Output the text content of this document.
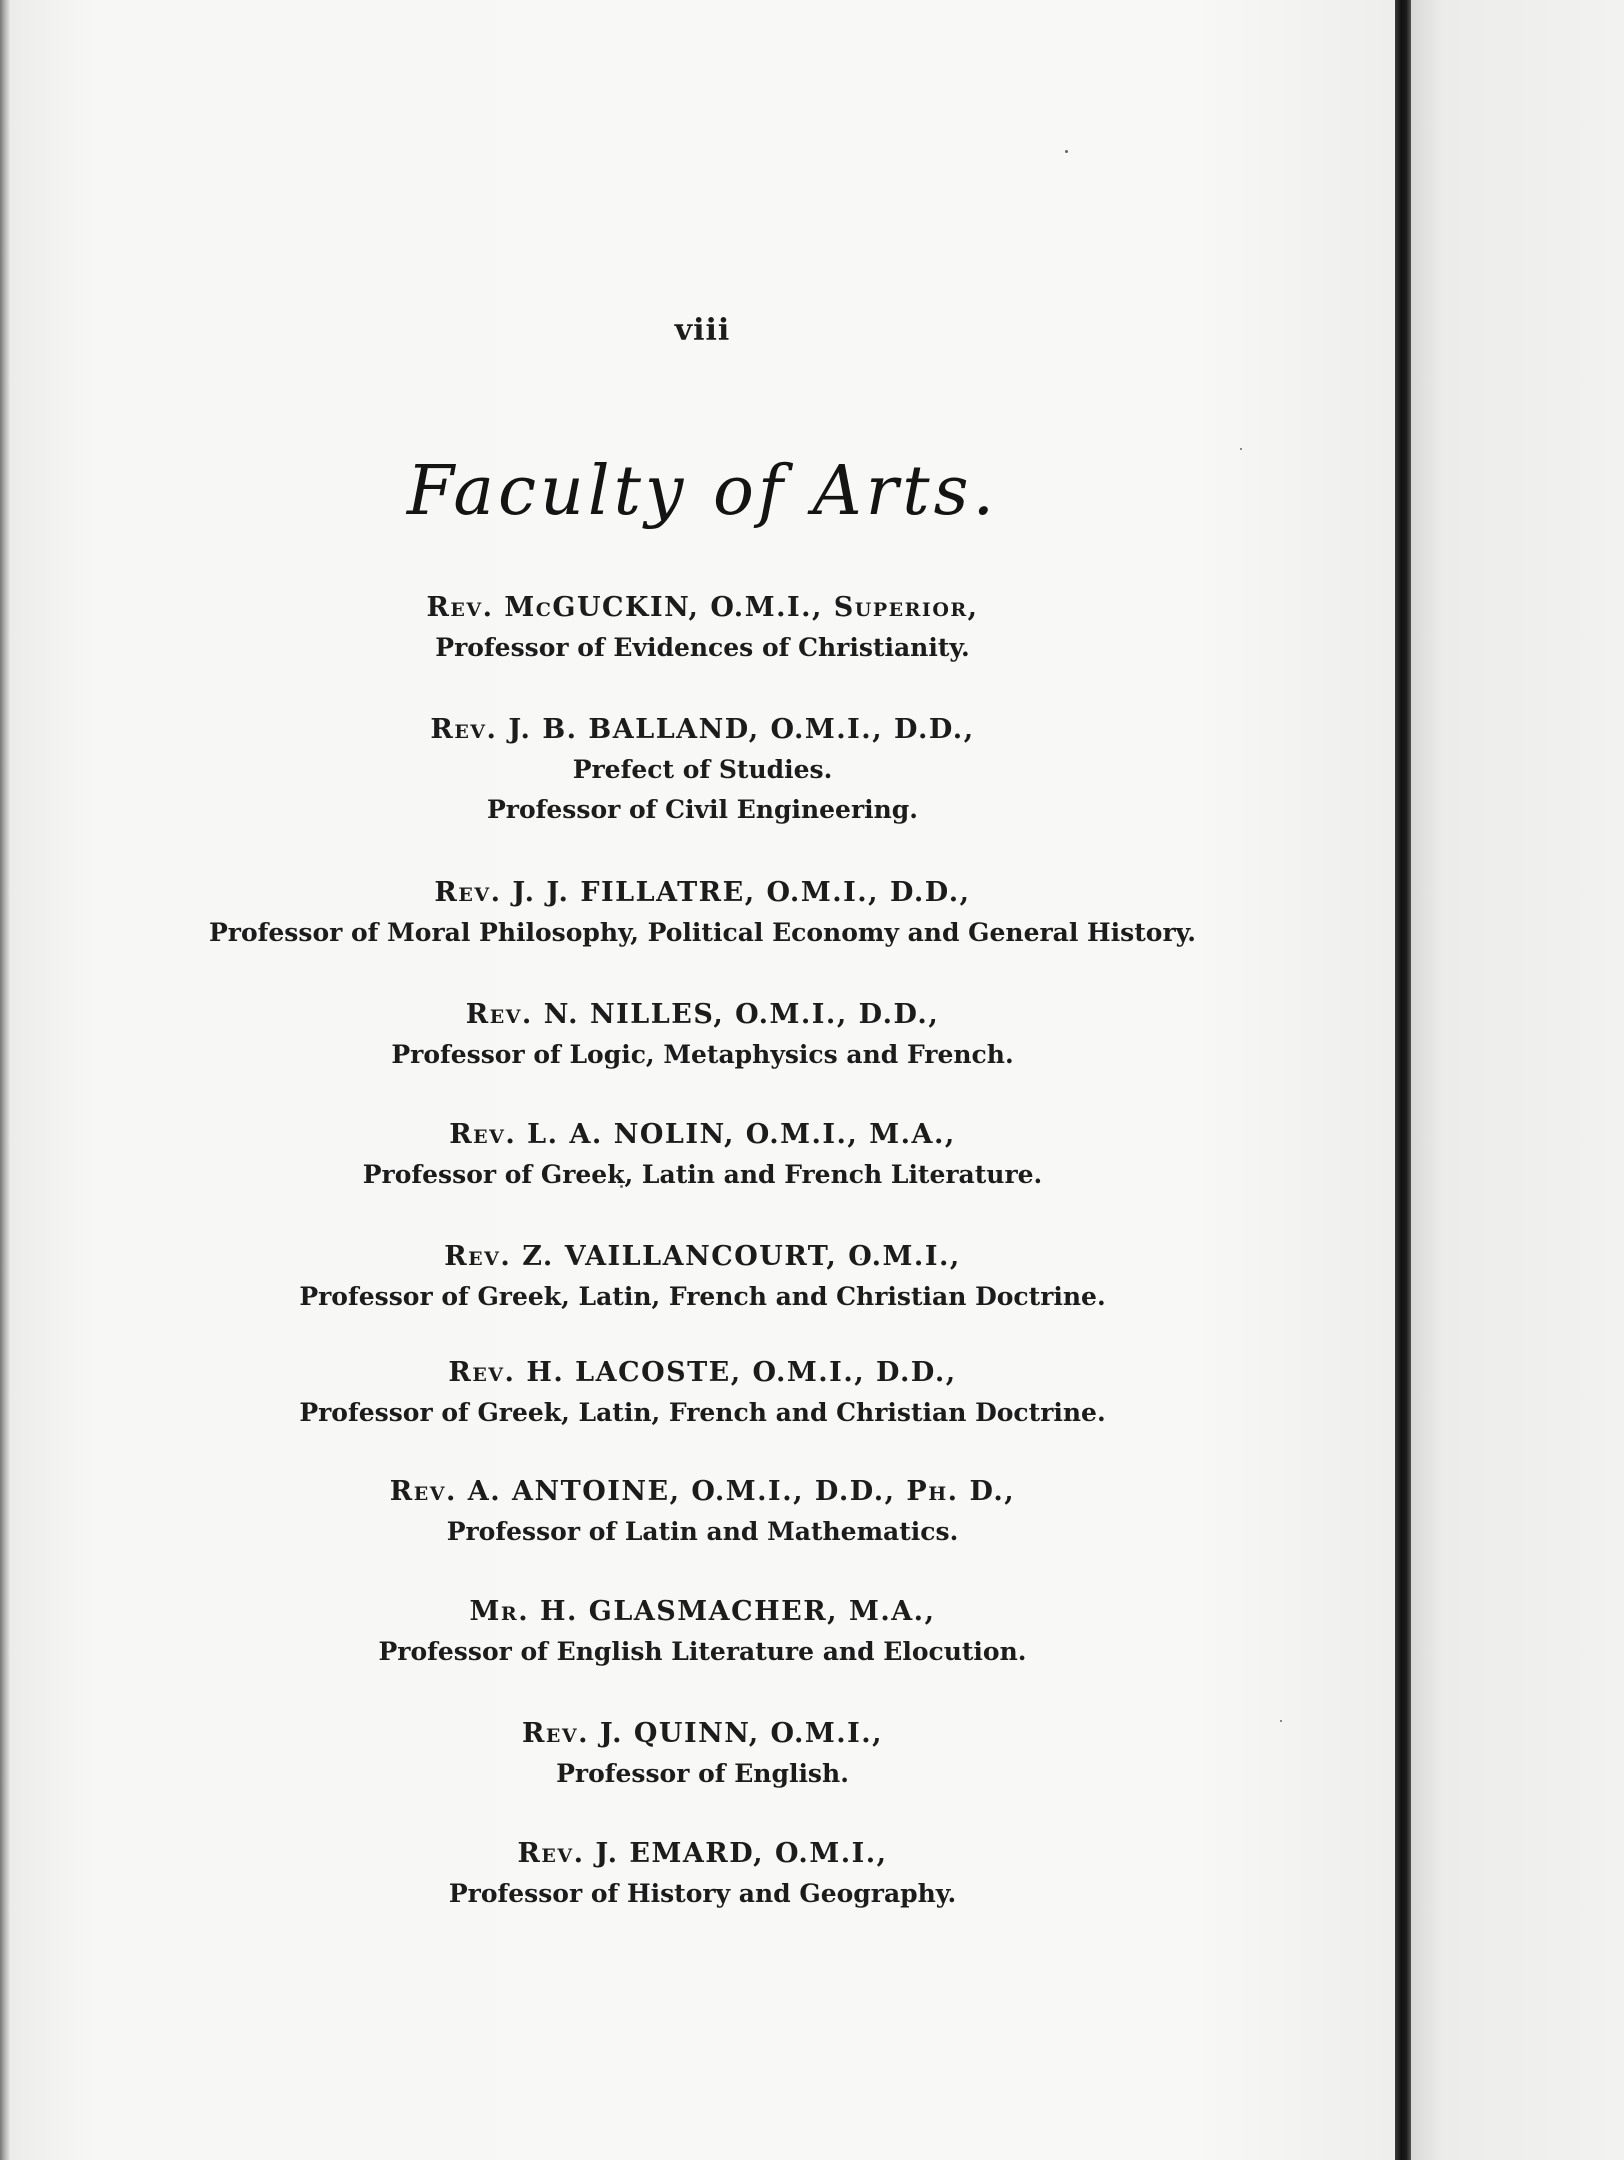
viii
Faculty of Arts.
Rev. McGUCKIN, O.M.I., Superior,
Professor of Evidences of Christianity.
Rev. J. B. BALLAND, O.M.I., D.D.,
Prefect of Studies.
Professor of Civil Engineering.
Rev. J. J. FILLATRE, O.M.I., D.D.,
Professor of Moral Philosophy, Political Economy and General History.
Rev. N. NILLES, O.M.I., D.D.,
Professor of Logic, Metaphysics and French.
Rev. L. A. NOLIN, O.M.I., M.A.,
Professor of Greek, Latin and French Literature.
Rev. Z. VAILLANCOURT, O.M.I.,
Professor of Greek, Latin, French and Christian Doctrine.
Rev. H. LACOSTE, O.M.I., D.D.,
Professor of Greek, Latin, French and Christian Doctrine.
Rev. A. ANTOINE, O.M.I., D.D., Ph. D.,
Professor of Latin and Mathematics.
Mr. H. GLASMACHER, M.A.,
Professor of English Literature and Elocution.
Rev. J. QUINN, O.M.I.,
Professor of English.
Rev. J. EMARD, O.M.I.,
Professor of History and Geography.
